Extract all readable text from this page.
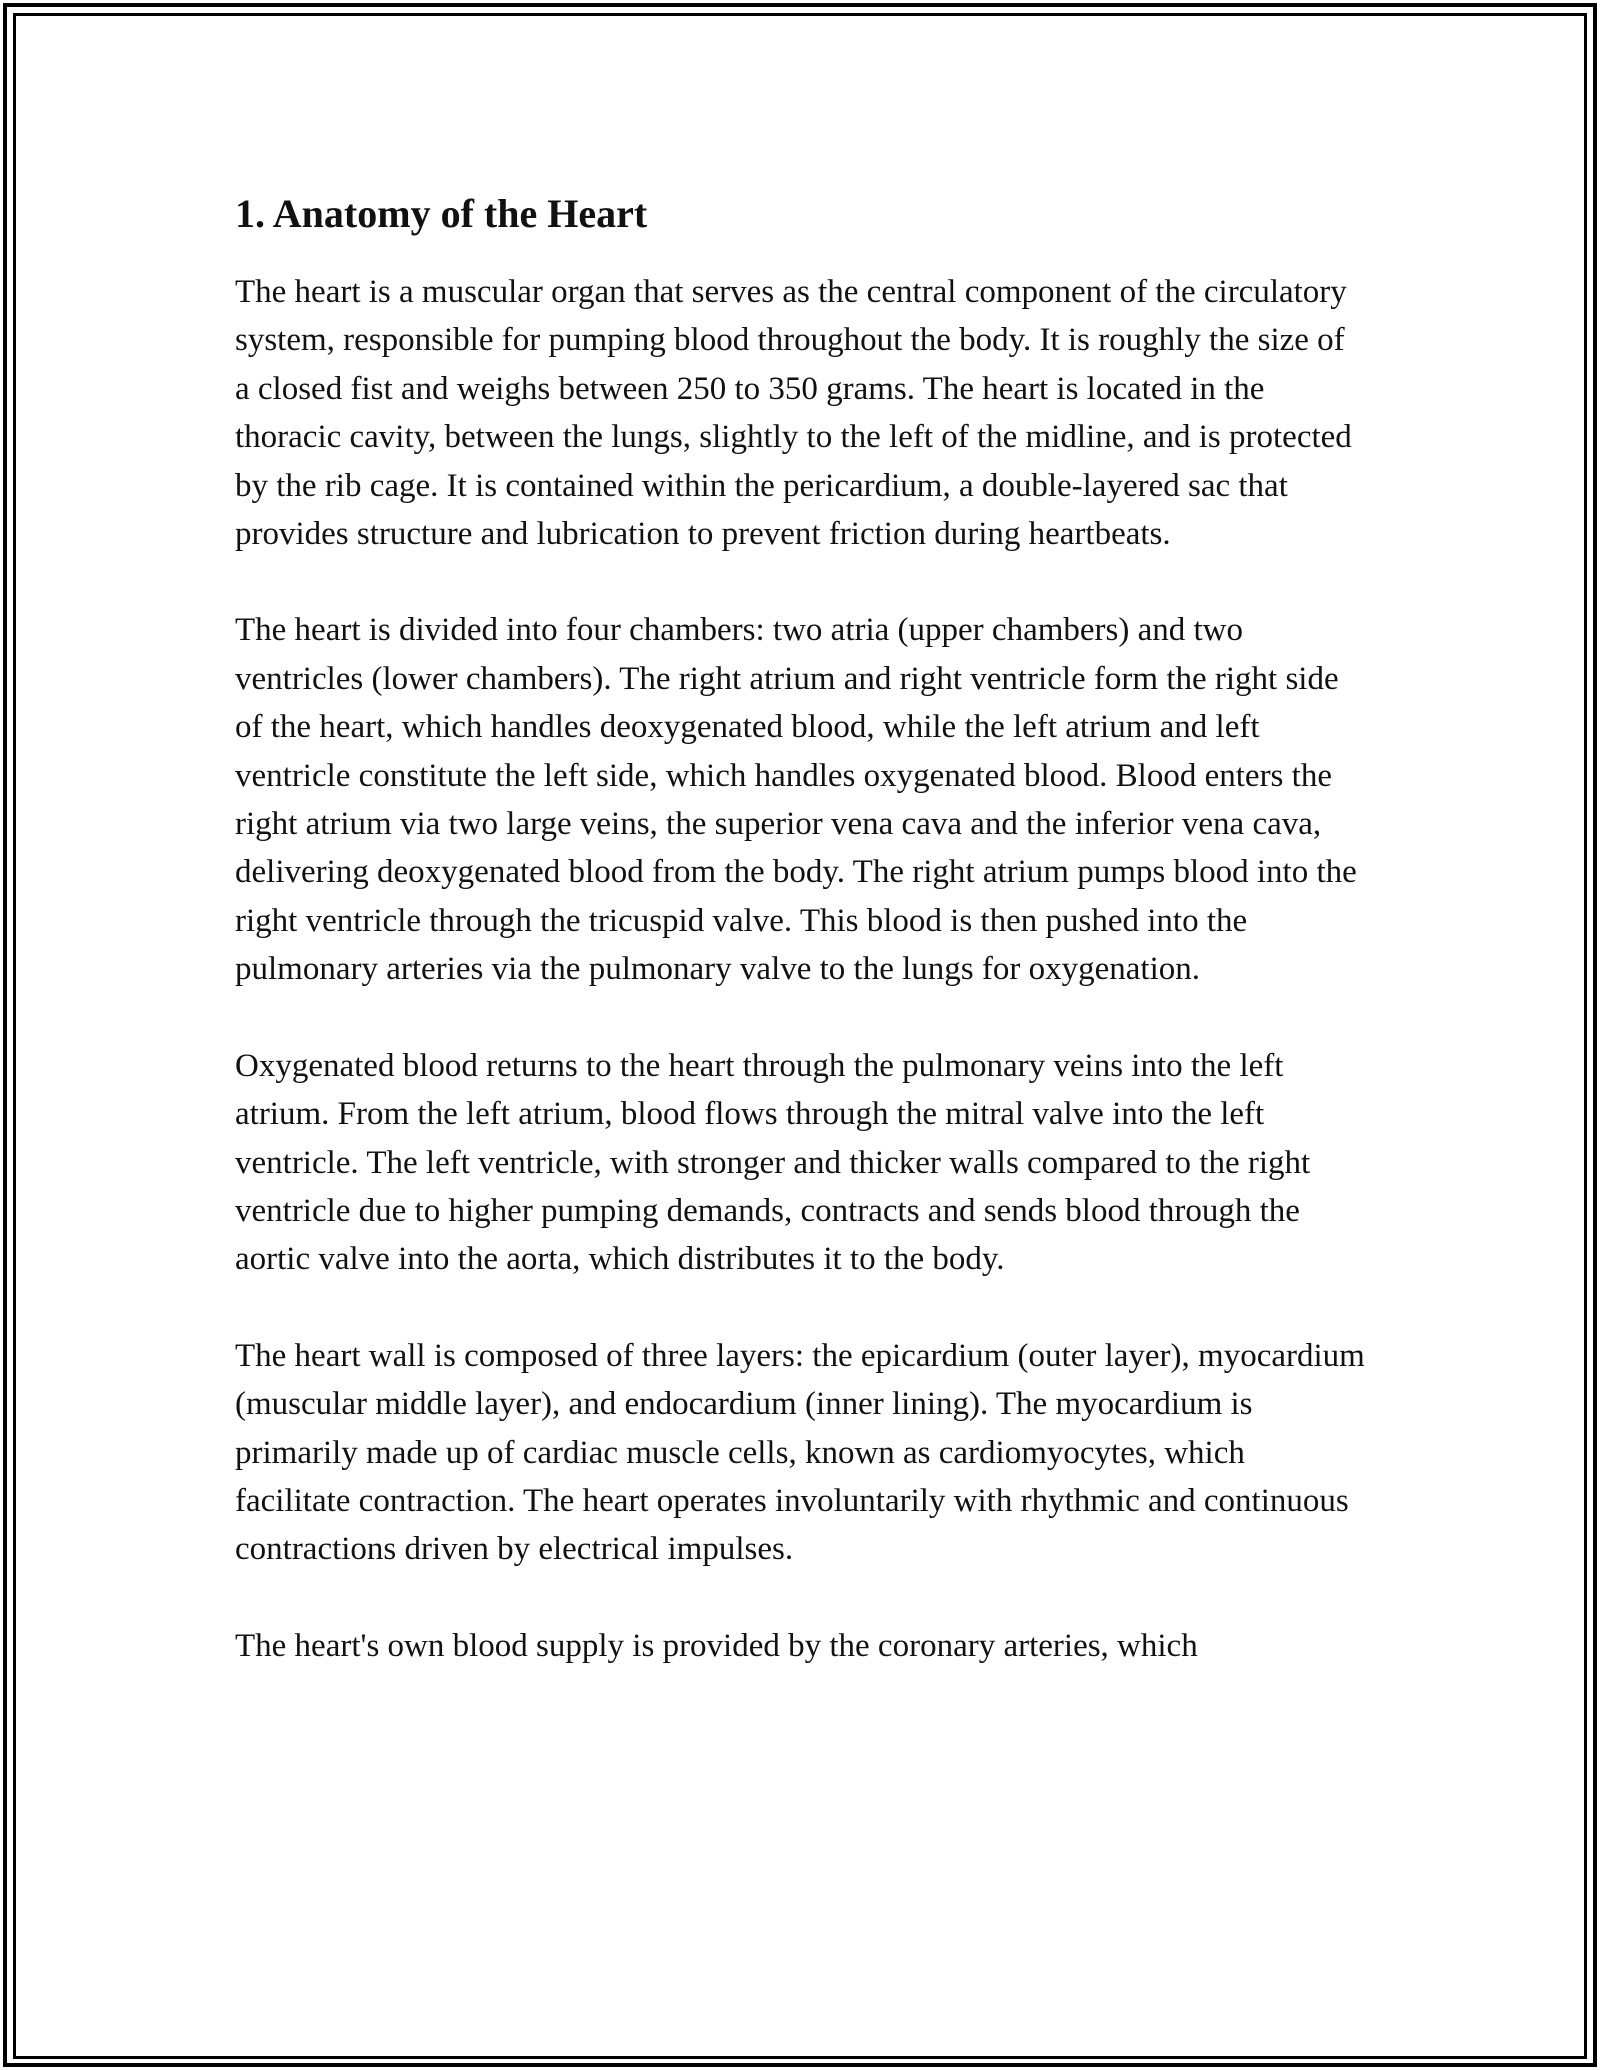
1. Anatomy of the Heart

The heart is a muscular organ that serves as the central component of the circulatory system, responsible for pumping blood throughout the body. It is roughly the size of a closed fist and weighs between 250 to 350 grams. The heart is located in the thoracic cavity, between the lungs, slightly to the left of the midline, and is protected by the rib cage. It is contained within the pericardium, a double-layered sac that provides structure and lubrication to prevent friction during heartbeats.

The heart is divided into four chambers: two atria (upper chambers) and two ventricles (lower chambers). The right atrium and right ventricle form the right side of the heart, which handles deoxygenated blood, while the left atrium and left ventricle constitute the left side, which handles oxygenated blood. Blood enters the right atrium via two large veins, the superior vena cava and the inferior vena cava, delivering deoxygenated blood from the body. The right atrium pumps blood into the right ventricle through the tricuspid valve. This blood is then pushed into the pulmonary arteries via the pulmonary valve to the lungs for oxygenation.

Oxygenated blood returns to the heart through the pulmonary veins into the left atrium. From the left atrium, blood flows through the mitral valve into the left ventricle. The left ventricle, with stronger and thicker walls compared to the right ventricle due to higher pumping demands, contracts and sends blood through the aortic valve into the aorta, which distributes it to the body.

The heart wall is composed of three layers: the epicardium (outer layer), myocardium (muscular middle layer), and endocardium (inner lining). The myocardium is primarily made up of cardiac muscle cells, known as cardiomyocytes, which facilitate contraction. The heart operates involuntarily with rhythmic and continuous contractions driven by electrical impulses.

The heart's own blood supply is provided by the coronary arteries, which
